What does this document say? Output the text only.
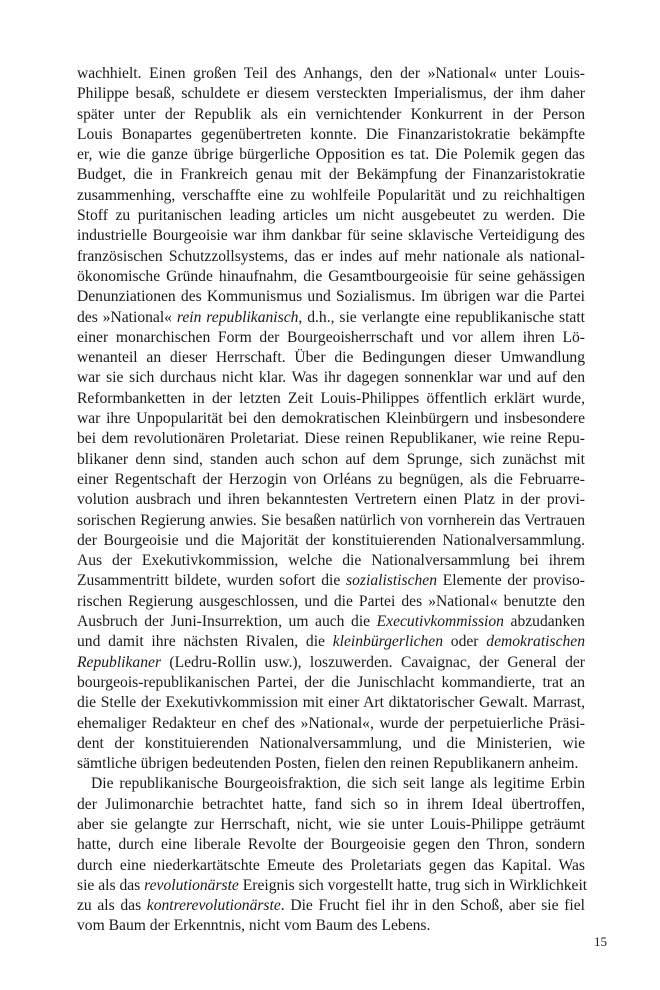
wachhielt. Einen großen Teil des Anhangs, den der »National« unter Louis-
Philippe besaß, schuldete er diesem versteckten Imperialismus, der ihm daher
später unter der Republik als ein vernichtender Konkurrent in der Person
Louis Bonapartes gegenübertreten konnte. Die Finanzaristokratie bekämpfte
er, wie die ganze übrige bürgerliche Opposition es tat. Die Polemik gegen das
Budget, die in Frankreich genau mit der Bekämpfung der Finanzaristokratie
zusammenhing, verschaffte eine zu wohlfeile Popularität und zu reichhaltigen
Stoff zu puritanischen leading articles um nicht ausgebeutet zu werden. Die
industrielle Bourgeoisie war ihm dankbar für seine sklavische Verteidigung des
französischen Schutzzollsystems, das er indes auf mehr nationale als national-
ökonomische Gründe hinaufnahm, die Gesamtbourgeoisie für seine gehässigen
Denunziationen des Kommunismus und Sozialismus. Im übrigen war die Partei
des »National« rein republikanisch, d.h., sie verlangte eine republikanische statt
einer monarchischen Form der Bourgeoisherrschaft und vor allem ihren Lö-
wenanteil an dieser Herrschaft. Über die Bedingungen dieser Umwandlung
war sie sich durchaus nicht klar. Was ihr dagegen sonnenklar war und auf den
Reformbanketten in der letzten Zeit Louis-Philippes öffentlich erklärt wurde,
war ihre Unpopularität bei den demokratischen Kleinbürgern und insbesondere
bei dem revolutionären Proletariat. Diese reinen Republikaner, wie reine Repu-
blikaner denn sind, standen auch schon auf dem Sprunge, sich zunächst mit
einer Regentschaft der Herzogin von Orléans zu begnügen, als die Februarre-
volution ausbrach und ihren bekanntesten Vertretern einen Platz in der provi-
sorischen Regierung anwies. Sie besaßen natürlich von vornherein das Vertrauen
der Bourgeoisie und die Majorität der konstituierenden Nationalversammlung.
Aus der Exekutivkommission, welche die Nationalversammlung bei ihrem
Zusammentritt bildete, wurden sofort die sozialistischen Elemente der proviso-
rischen Regierung ausgeschlossen, und die Partei des »National« benutzte den
Ausbruch der Juni-Insurrektion, um auch die Executivkommission abzudanken
und damit ihre nächsten Rivalen, die kleinbürgerlichen oder demokratischen
Republikaner (Ledru-Rollin usw.), loszuwerden. Cavaignac, der General der
bourgeois-republikanischen Partei, der die Junischlacht kommandierte, trat an
die Stelle der Exekutivkommission mit einer Art diktatorischer Gewalt. Marrast,
ehemaliger Redakteur en chef des »National«, wurde der perpetuierliche Präsi-
dent der konstituierenden Nationalversammlung, und die Ministerien, wie
sämtliche übrigen bedeutenden Posten, fielen den reinen Republikanern anheim.
Die republikanische Bourgeoisfraktion, die sich seit lange als legitime Erbin
der Julimonarchie betrachtet hatte, fand sich so in ihrem Ideal übertroffen,
aber sie gelangte zur Herrschaft, nicht, wie sie unter Louis-Philippe geträumt
hatte, durch eine liberale Revolte der Bourgeoisie gegen den Thron, sondern
durch eine niederkartätschte Emeute des Proletariats gegen das Kapital. Was
sie als das revolutionärste Ereignis sich vorgestellt hatte, trug sich in Wirklichkeit
zu als das kontrerevolutionärste. Die Frucht fiel ihr in den Schoß, aber sie fiel
vom Baum der Erkenntnis, nicht vom Baum des Lebens.
15
